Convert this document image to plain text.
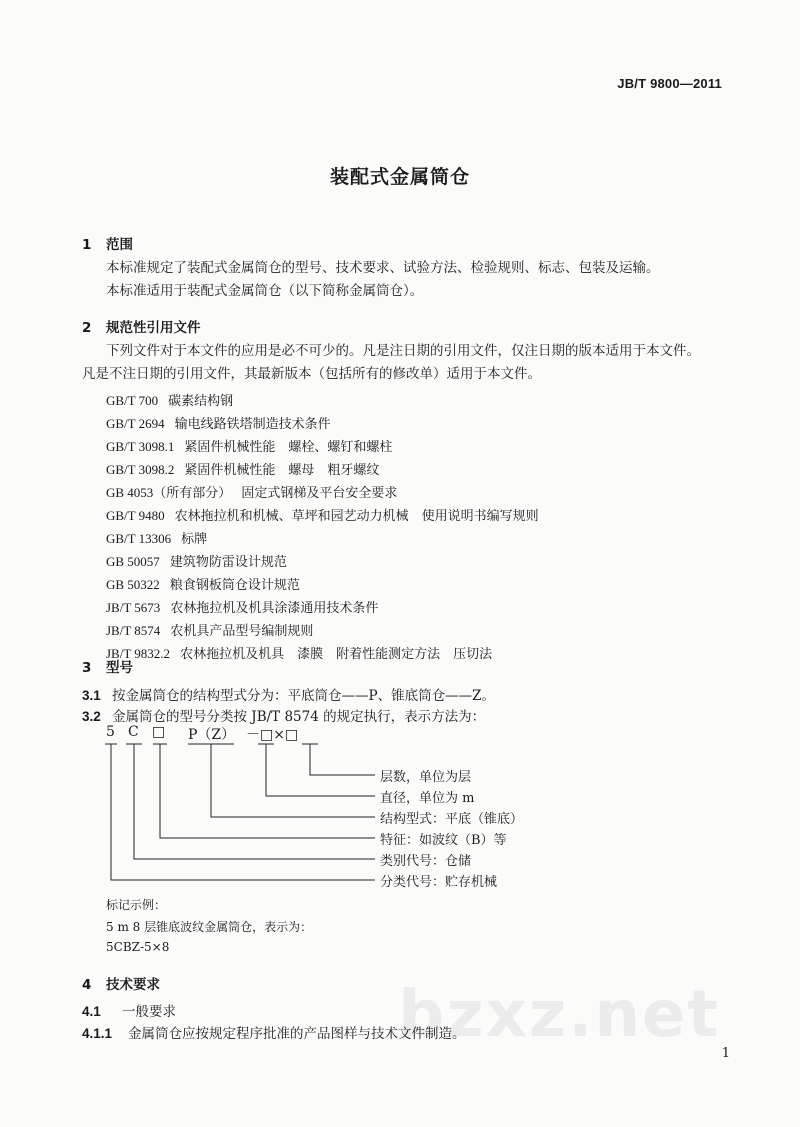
JB/T 9800—2011
装配式金属筒仓
1 范围
本标准规定了装配式金属筒仓的型号、技术要求、试验方法、检验规则、标志、包装及运输。
本标准适用于装配式金属筒仓（以下简称金属筒仓）。
2 规范性引用文件
下列文件对于本文件的应用是必不可少的。凡是注日期的引用文件，仅注日期的版本适用于本文件。
凡是不注日期的引用文件，其最新版本（包括所有的修改单）适用于本文件。
GB/T 700 碳素结构钢
GB/T 2694 输电线路铁塔制造技术条件
GB/T 3098.1 紧固件机械性能　螺栓、螺钉和螺柱
GB/T 3098.2 紧固件机械性能　螺母　粗牙螺纹
GB 4053（所有部分） 固定式钢梯及平台安全要求
GB/T 9480 农林拖拉机和机械、草坪和园艺动力机械　使用说明书编写规则
GB/T 13306 标牌
GB 50057 建筑物防雷设计规范
GB 50322 粮食钢板筒仓设计规范
JB/T 5673 农林拖拉机及机具涂漆通用技术条件
JB/T 8574 农机具产品型号编制规则
JB/T 9832.2 农林拖拉机及机具　漆膜　附着性能测定方法　压切法
3 型号
3.1 按金属筒仓的结构型式分为：平底筒仓——P、锥底筒仓——Z。
3.2 金属筒仓的型号分类按 JB/T 8574 的规定执行，表示方法为：
5 C □ P（Z） －□×□
层数，单位为层
直径，单位为 m
结构型式：平底（锥底）
特征：如波纹（B）等
类别代号：仓储
分类代号：贮存机械
标记示例：
5 m 8 层锥底波纹金属筒仓，表示为：
5CBZ-5×8
4 技术要求
4.1 一般要求	bzxz.net
4.1.1 金属筒仓应按规定程序批准的产品图样与技术文件制造。
1
